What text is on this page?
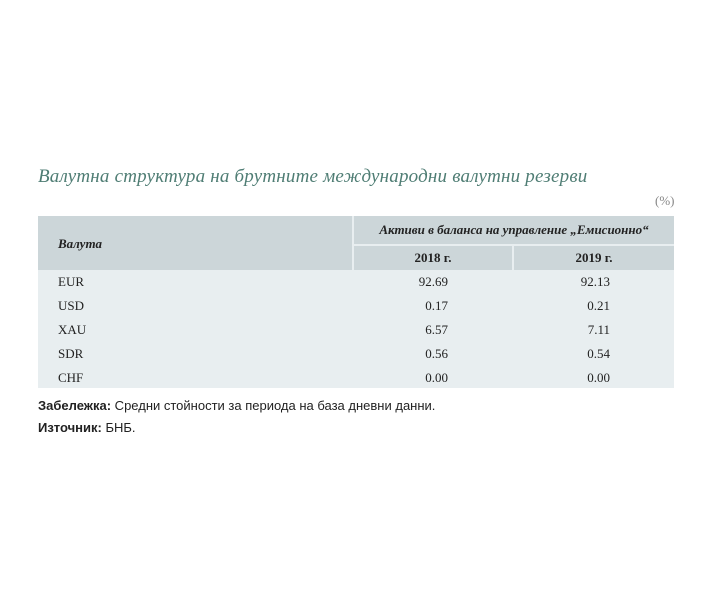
Валутна структура на брутните международни валутни резерви
(%)
Валута
Активи в баланса на управление „Емисионно“
2018 г.	2019 г.
EUR	92.69	92.13
USD	0.17	0.21
XAU	6.57	7.11
SDR	0.56	0.54
CHF	0.00	0.00
Забележка: Средни стойности за периода на база дневни данни.
Източник: БНБ.
